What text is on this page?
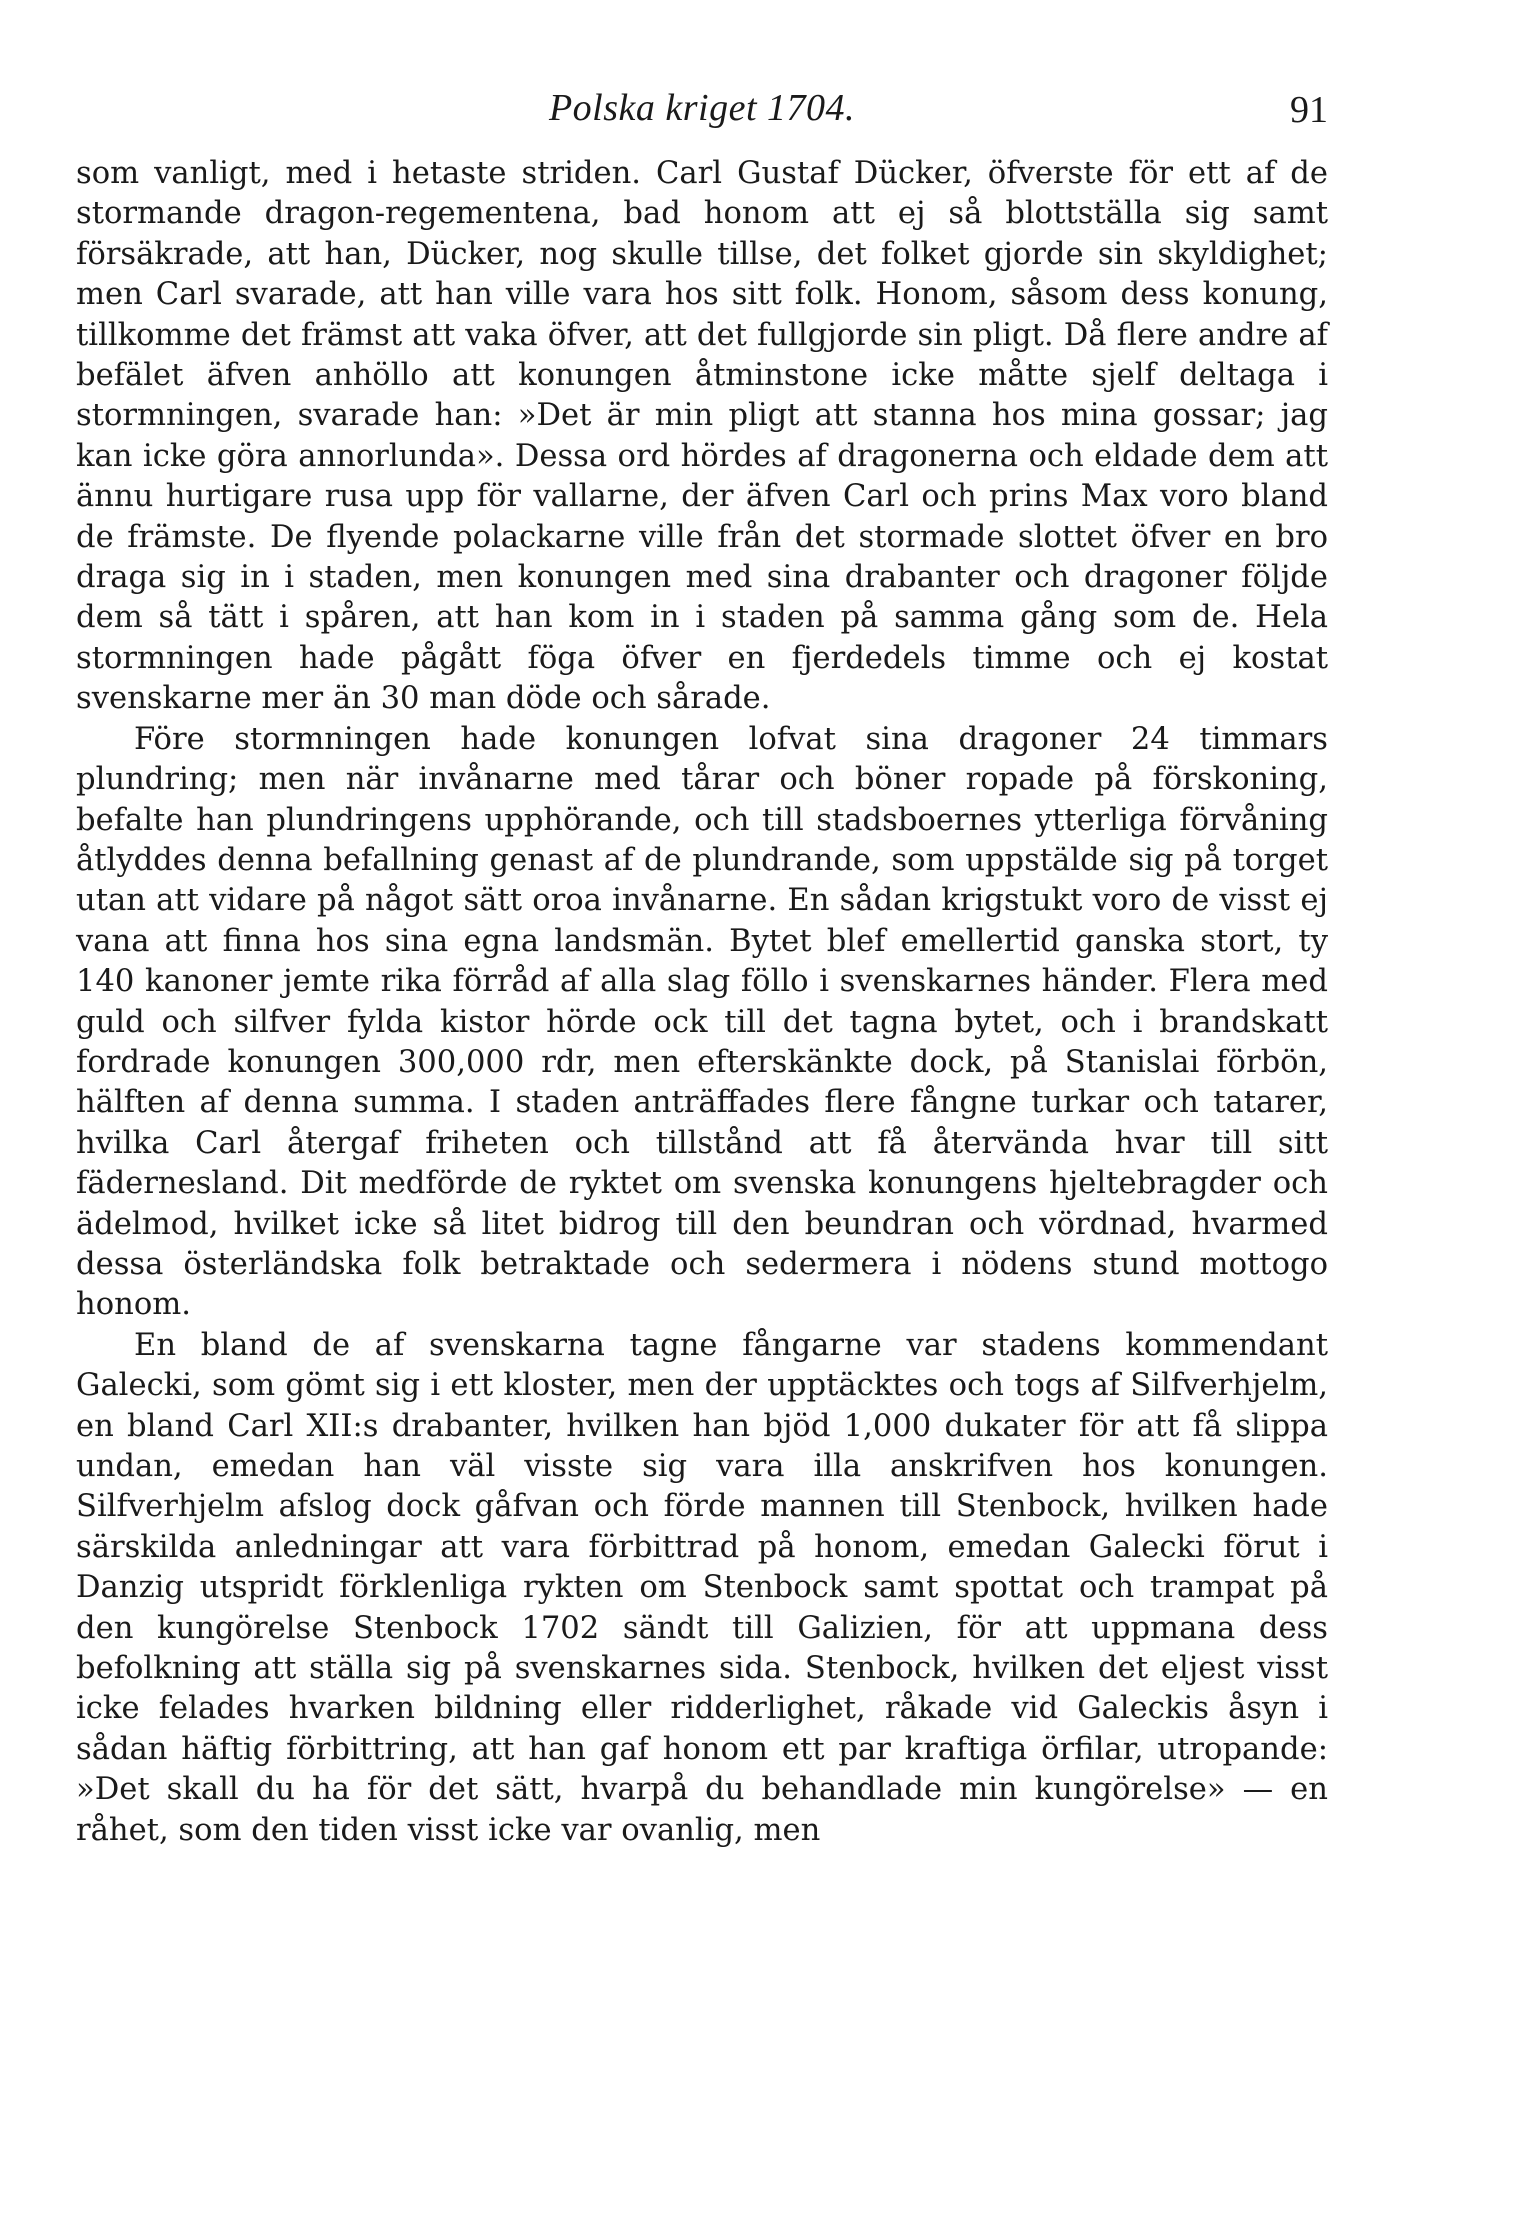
Polska kriget 1704.	91

som vanligt, med i hetaste striden. Carl Gustaf Dücker, öfverste för ett af de stormande dragon-regementena, bad honom att ej så blottställa sig samt försäkrade, att han, Dücker, nog skulle tillse, det folket gjorde sin skyldighet; men Carl svarade, att han ville vara hos sitt folk. Honom, såsom dess konung, tillkomme det främst att vaka öfver, att det fullgjorde sin pligt. Då flere andre af befälet äfven anhöllo att konungen åtminstone icke måtte sjelf deltaga i stormningen, svarade han: »Det är min pligt att stanna hos mina gossar; jag kan icke göra annorlunda». Dessa ord hördes af dragonerna och eldade dem att ännu hurtigare rusa upp för vallarne, der äfven Carl och prins Max voro bland de främste. De flyende polackarne ville från det stormade slottet öfver en bro draga sig in i staden, men konungen med sina drabanter och dragoner följde dem så tätt i spåren, att han kom in i staden på samma gång som de. Hela stormningen hade pågått föga öfver en fjerdedels timme och ej kostat svenskarne mer än 30 man döde och sårade.

Före stormningen hade konungen lofvat sina dragoner 24 timmars plundring; men när invånarne med tårar och böner ropade på förskoning, befalte han plundringens upphörande, och till stadsboernes ytterliga förvåning åtlyddes denna befallning genast af de plundrande, som uppstälde sig på torget utan att vidare på något sätt oroa invånarne. En sådan krigstukt voro de visst ej vana att finna hos sina egna landsmän. Bytet blef emellertid ganska stort, ty 140 kanoner jemte rika förråd af alla slag föllo i svenskarnes händer. Flera med guld och silfver fylda kistor hörde ock till det tagna bytet, och i brandskatt fordrade konungen 300,000 rdr, men efterskänkte dock, på Stanislai förbön, hälften af denna summa. I staden anträffades flere fångne turkar och tatarer, hvilka Carl återgaf friheten och tillstånd att få återvända hvar till sitt fädernesland. Dit medförde de ryktet om svenska konungens hjeltebragder och ädelmod, hvilket icke så litet bidrog till den beundran och vördnad, hvarmed dessa österländska folk betraktade och sedermera i nödens stund mottogo honom.

En bland de af svenskarna tagne fångarne var stadens kommendant Galecki, som gömt sig i ett kloster, men der upptäcktes och togs af Silfverhjelm, en bland Carl XII:s drabanter, hvilken han bjöd 1,000 dukater för att få slippa undan, emedan han väl visste sig vara illa anskrifven hos konungen. Silfverhjelm afslog dock gåfvan och förde mannen till Stenbock, hvilken hade särskilda anledningar att vara förbittrad på honom, emedan Galecki förut i Danzig utspridt förklenliga rykten om Stenbock samt spottat och trampat på den kungörelse Stenbock 1702 sändt till Galizien, för att uppmana dess befolkning att ställa sig på svenskarnes sida. Stenbock, hvilken det eljest visst icke felades hvarken bildning eller ridderlighet, råkade vid Galeckis åsyn i sådan häftig förbittring, att han gaf honom ett par kraftiga örfilar, utropande: »Det skall du ha för det sätt, hvarpå du behandlade min kungörelse» — en råhet, som den tiden visst icke var ovanlig, men
